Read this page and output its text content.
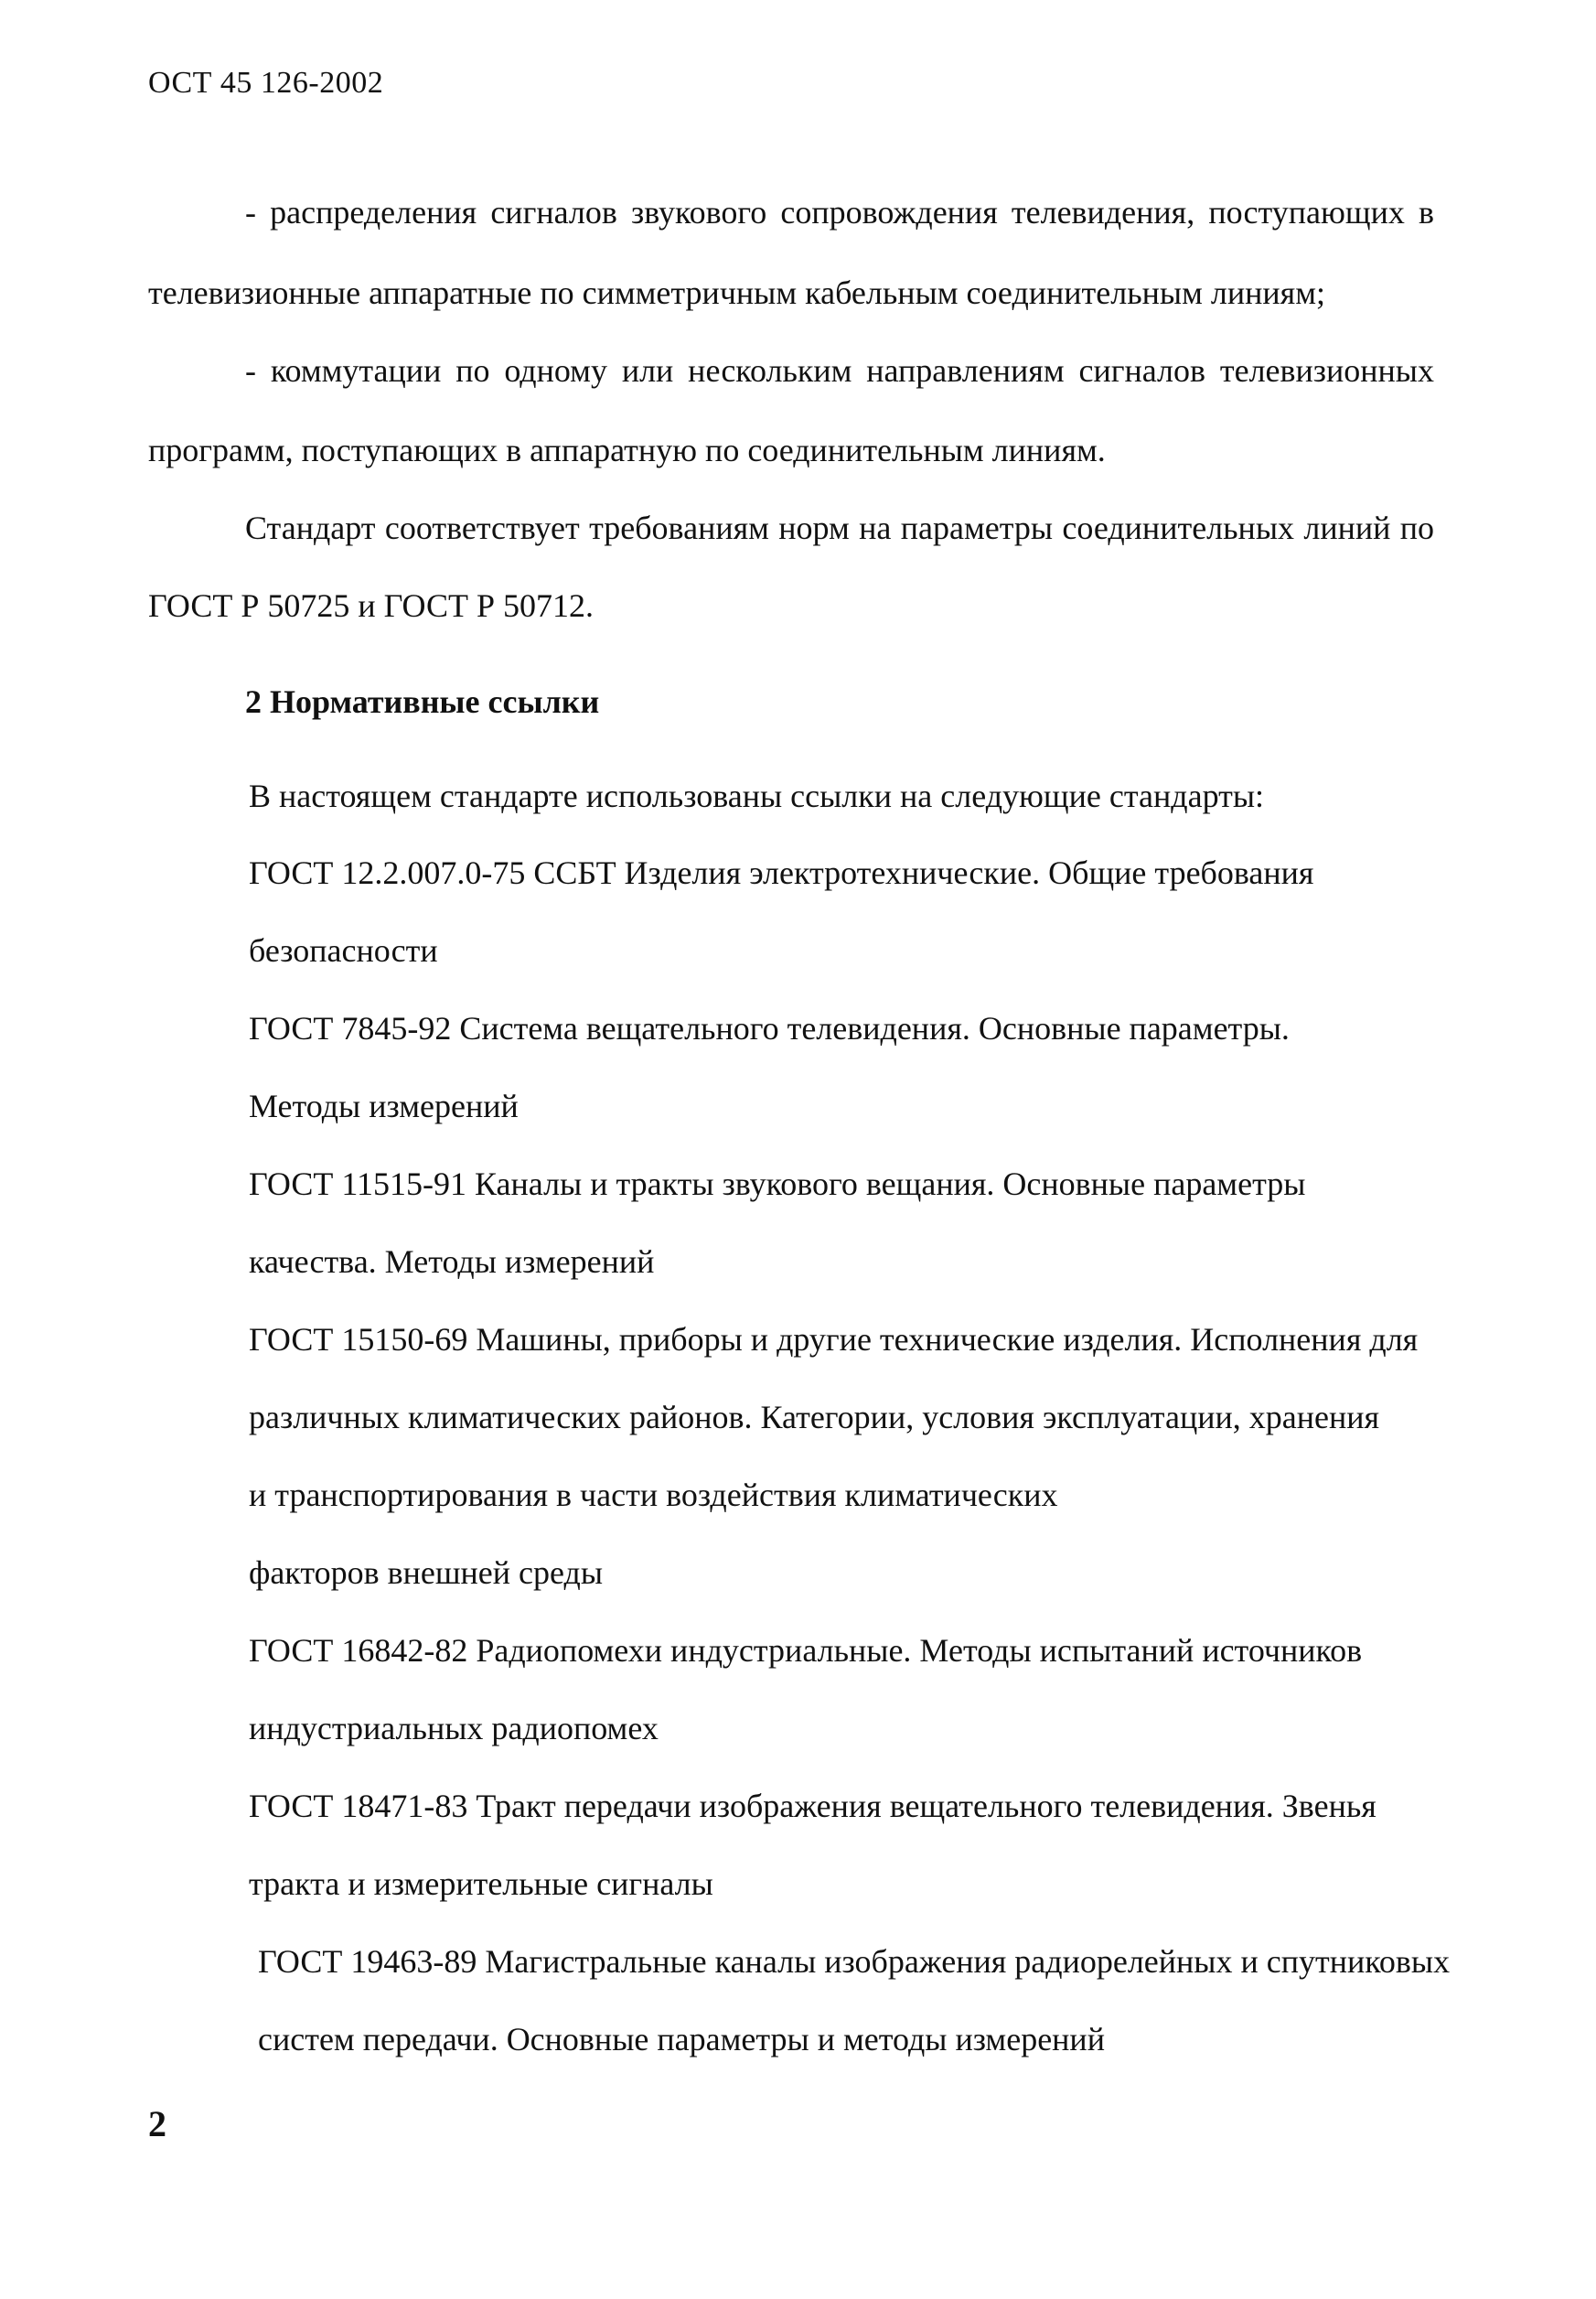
ОСТ 45 126-2002
- распределения сигналов звукового сопровождения телевидения, поступающих в
телевизионные аппаратные по симметричным кабельным соединительным линиям;
- коммутации по одному или нескольким направлениям сигналов телевизионных
программ, поступающих в аппаратную по соединительным линиям.
Стандарт соответствует требованиям норм на параметры соединительных линий по
ГОСТ Р 50725 и ГОСТ Р 50712.
2 Нормативные ссылки
В настоящем стандарте использованы ссылки на следующие стандарты:
ГОСТ 12.2.007.0-75 ССБТ Изделия электротехнические. Общие требования
безопасности
ГОСТ 7845-92 Система вещательного телевидения. Основные параметры.
Методы измерений
ГОСТ 11515-91 Каналы и тракты звукового вещания. Основные параметры
качества. Методы измерений
ГОСТ 15150-69 Машины, приборы и другие технические изделия. Исполнения для
различных климатических районов. Категории, условия эксплуатации, хранения
и транспортирования в части воздействия климатических
факторов внешней среды
ГОСТ 16842-82 Радиопомехи индустриальные. Методы испытаний источников
индустриальных радиопомех
ГОСТ 18471-83 Тракт передачи изображения вещательного телевидения. Звенья
тракта и измерительные сигналы
ГОСТ 19463-89 Магистральные каналы изображения радиорелейных и спутниковых
систем передачи. Основные параметры и методы измерений
2
